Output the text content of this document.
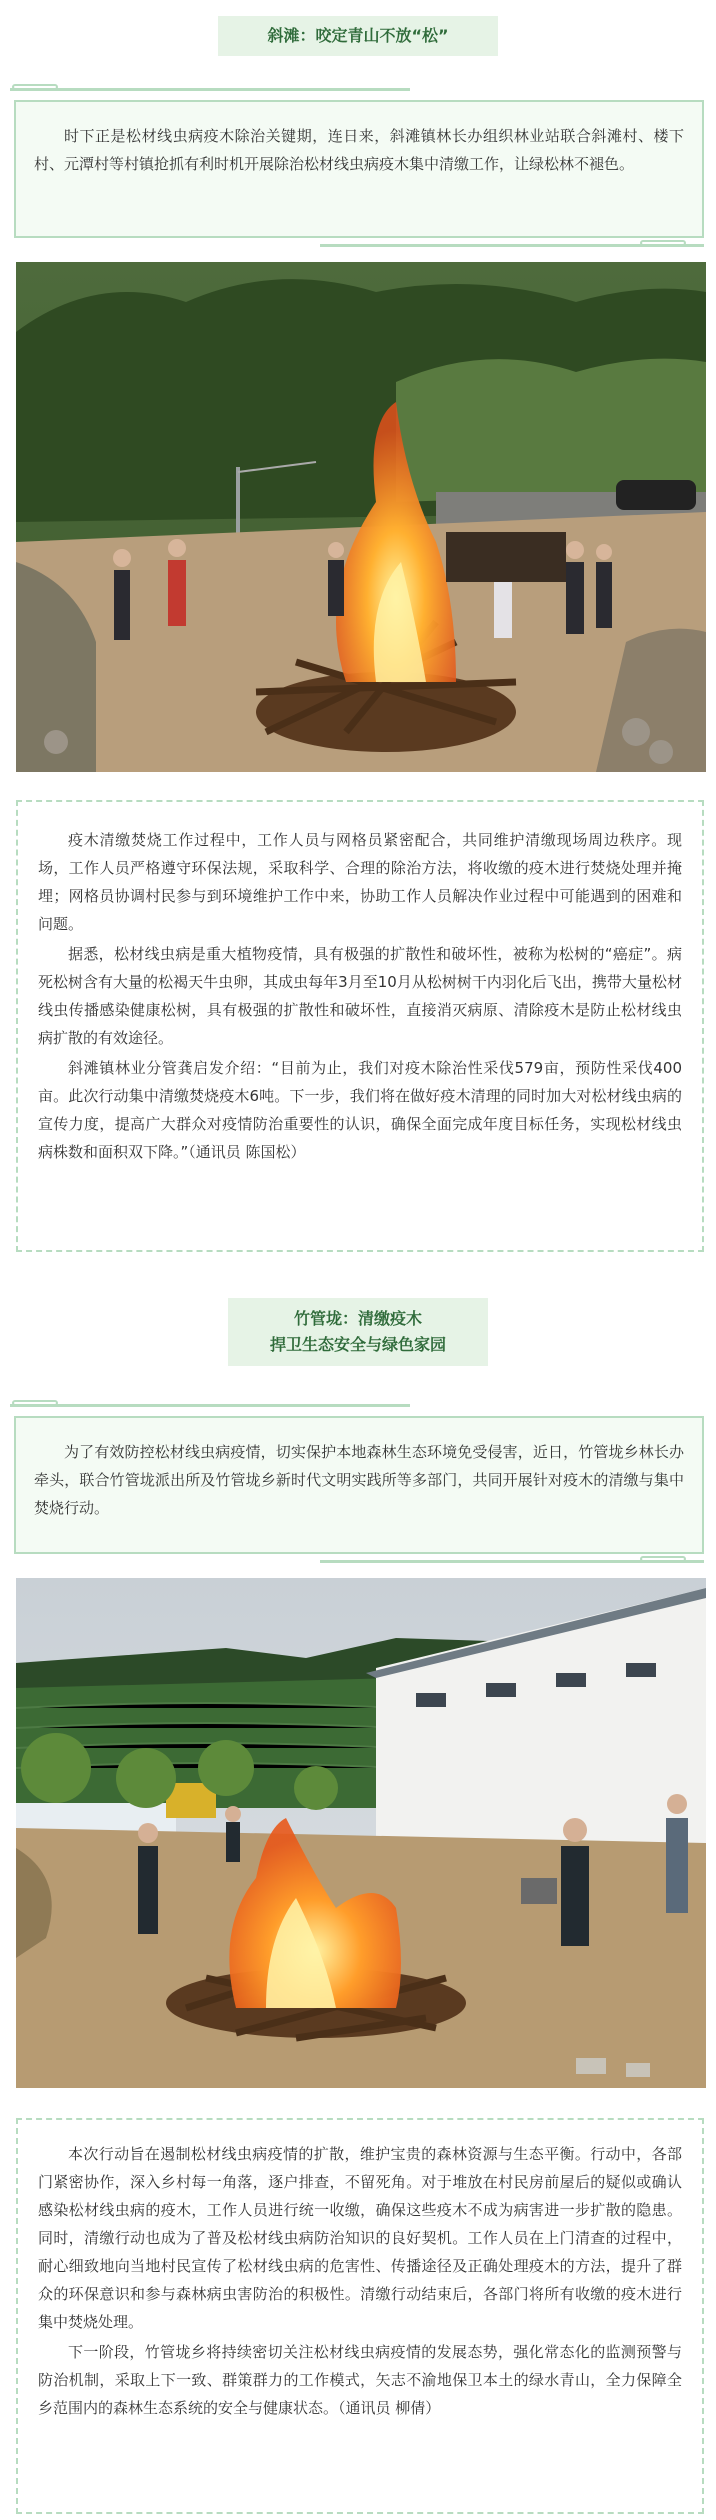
斜滩：咬定青山不放“松”

时下正是松材线虫病疫木除治关键期，连日来，斜滩镇林长办组织林业站联合斜滩村、楼下村、元潭村等村镇抢抓有利时机开展除治松材线虫病疫木集中清缴工作，让绿松林不褪色。

疫木清缴焚烧工作过程中，工作人员与网格员紧密配合，共同维护清缴现场周边秩序。现场，工作人员严格遵守环保法规，采取科学、合理的除治方法，将收缴的疫木进行焚烧处理并掩埋；网格员协调村民参与到环境维护工作中来，协助工作人员解决作业过程中可能遇到的困难和问题。

据悉，松材线虫病是重大植物疫情，具有极强的扩散性和破坏性，被称为松树的“癌症”。病死松树含有大量的松褐天牛虫卵，其成虫每年3月至10月从松树树干内羽化后飞出，携带大量松材线虫传播感染健康松树，具有极强的扩散性和破坏性，直接消灭病原、清除疫木是防止松材线虫病扩散的有效途径。

斜滩镇林业分管龚启发介绍：“目前为止，我们对疫木除治性采伐579亩，预防性采伐400亩。此次行动集中清缴焚烧疫木6吨。下一步，我们将在做好疫木清理的同时加大对松材线虫病的宣传力度，提高广大群众对疫情防治重要性的认识，确保全面完成年度目标任务，实现松材线虫病株数和面积双下降。”（通讯员 陈国松）

竹管垅：清缴疫木
捍卫生态安全与绿色家园

为了有效防控松材线虫病疫情，切实保护本地森林生态环境免受侵害，近日，竹管垅乡林长办牵头，联合竹管垅派出所及竹管垅乡新时代文明实践所等多部门，共同开展针对疫木的清缴与集中焚烧行动。

本次行动旨在遏制松材线虫病疫情的扩散，维护宝贵的森林资源与生态平衡。行动中，各部门紧密协作，深入乡村每一角落，逐户排查，不留死角。对于堆放在村民房前屋后的疑似或确认感染松材线虫病的疫木，工作人员进行统一收缴，确保这些疫木不成为病害进一步扩散的隐患。同时，清缴行动也成为了普及松材线虫病防治知识的良好契机。工作人员在上门清查的过程中，耐心细致地向当地村民宣传了松材线虫病的危害性、传播途径及正确处理疫木的方法，提升了群众的环保意识和参与森林病虫害防治的积极性。清缴行动结束后，各部门将所有收缴的疫木进行集中焚烧处理。

下一阶段，竹管垅乡将持续密切关注松材线虫病疫情的发展态势，强化常态化的监测预警与防治机制，采取上下一致、群策群力的工作模式，矢志不渝地保卫本土的绿水青山，全力保障全乡范围内的森林生态系统的安全与健康状态。（通讯员 柳倩）
